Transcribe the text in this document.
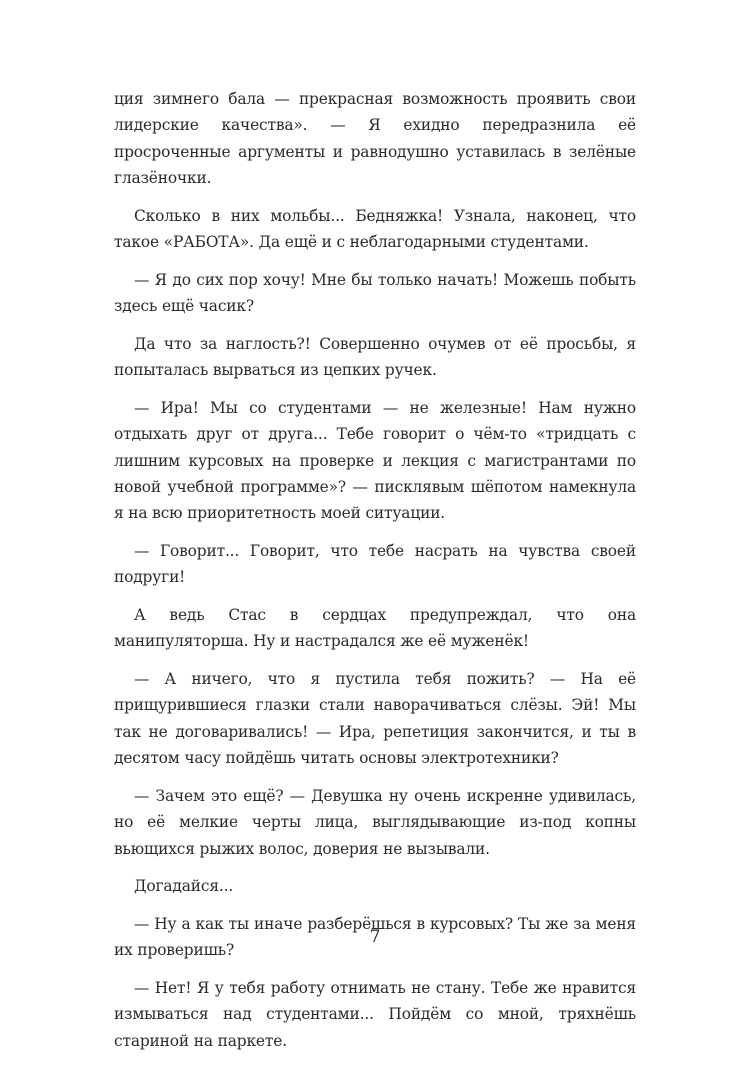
ция зимнего бала — прекрасная возможность проявить свои лидерские качества». — Я ехидно передразнила её просроченные аргументы и равнодушно уставилась в зелёные глазёночки.

Сколько в них мольбы... Бедняжка! Узнала, наконец, что такое «РАБОТА». Да ещё и с неблагодарными студентами.

— Я до сих пор хочу! Мне бы только начать! Можешь побыть здесь ещё часик?

Да что за наглость?! Совершенно очумев от её просьбы, я попыталась вырваться из цепких ручек.

— Ира! Мы со студентами — не железные! Нам нужно отдыхать друг от друга... Тебе говорит о чём-то «тридцать с лишним курсовых на проверке и лекция с магистрантами по новой учебной программе»? — писклявым шёпотом намекнула я на всю приоритетность моей ситуации.

— Говорит... Говорит, что тебе насрать на чувства своей подруги!

А ведь Стас в сердцах предупреждал, что она манипуляторша. Ну и настрадался же её муженёк!

— А ничего, что я пустила тебя пожить? — На её прищурившиеся глазки стали наворачиваться слёзы. Эй! Мы так не договаривались! — Ира, репетиция закончится, и ты в десятом часу пойдёшь читать основы электротехники?

— Зачем это ещё? — Девушка ну очень искренне удивилась, но её мелкие черты лица, выглядывающие из-под копны вьющихся рыжих волос, доверия не вызывали.

Догадайся...

— Ну а как ты иначе разберёшься в курсовых? Ты же за меня их проверишь?

— Нет! Я у тебя работу отнимать не стану. Тебе же нравится измываться над студентами... Пойдём со мной, тряхнёшь стариной на паркете.

7
